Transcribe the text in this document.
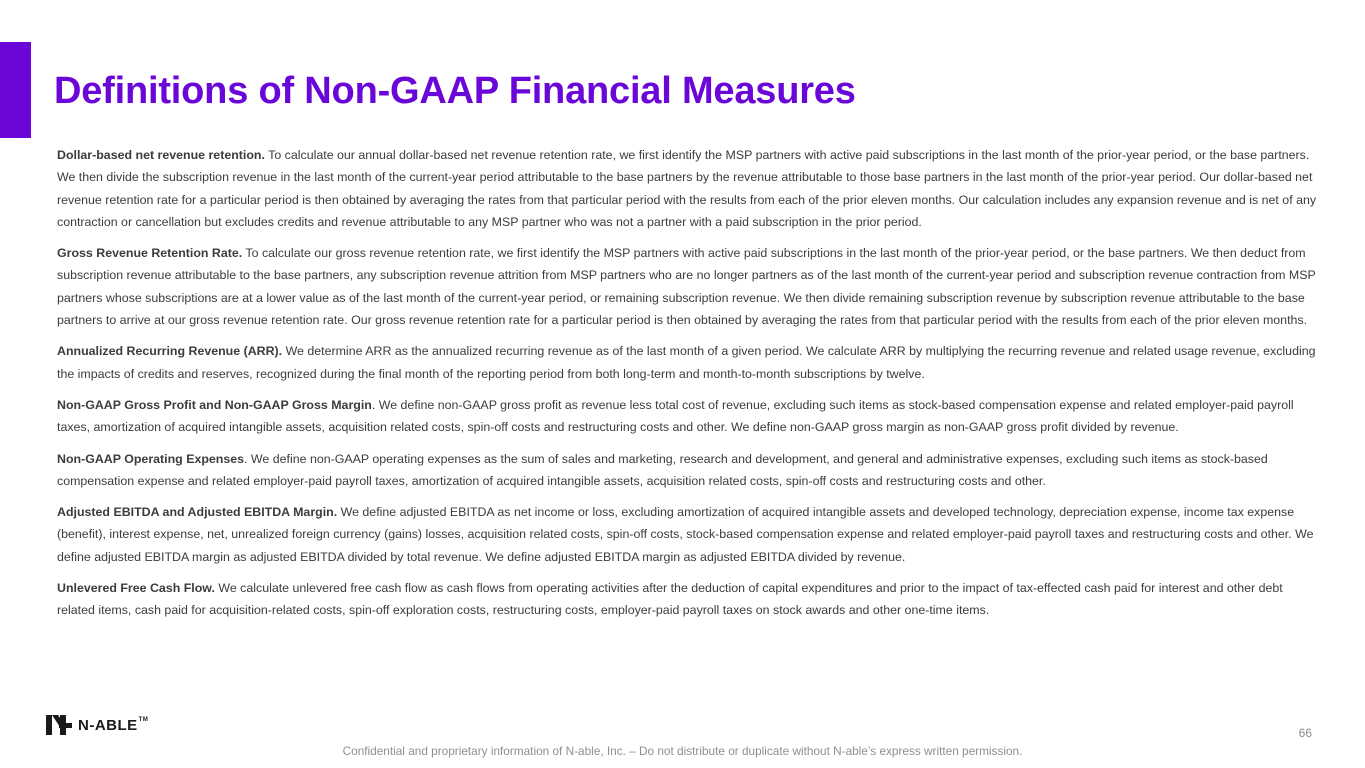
Definitions of Non-GAAP Financial Measures

Dollar-based net revenue retention. To calculate our annual dollar-based net revenue retention rate, we first identify the MSP partners with active paid subscriptions in the last month of the prior-year period, or the base partners. We then divide the subscription revenue in the last month of the current-year period attributable to the base partners by the revenue attributable to those base partners in the last month of the prior-year period. Our dollar-based net revenue retention rate for a particular period is then obtained by averaging the rates from that particular period with the results from each of the prior eleven months. Our calculation includes any expansion revenue and is net of any contraction or cancellation but excludes credits and revenue attributable to any MSP partner who was not a partner with a paid subscription in the prior period.

Gross Revenue Retention Rate. To calculate our gross revenue retention rate, we first identify the MSP partners with active paid subscriptions in the last month of the prior-year period, or the base partners. We then deduct from subscription revenue attributable to the base partners, any subscription revenue attrition from MSP partners who are no longer partners as of the last month of the current-year period and subscription revenue contraction from MSP partners whose subscriptions are at a lower value as of the last month of the current-year period, or remaining subscription revenue. We then divide remaining subscription revenue by subscription revenue attributable to the base partners to arrive at our gross revenue retention rate. Our gross revenue retention rate for a particular period is then obtained by averaging the rates from that particular period with the results from each of the prior eleven months.

Annualized Recurring Revenue (ARR). We determine ARR as the annualized recurring revenue as of the last month of a given period. We calculate ARR by multiplying the recurring revenue and related usage revenue, excluding the impacts of credits and reserves, recognized during the final month of the reporting period from both long-term and month-to-month subscriptions by twelve.

Non-GAAP Gross Profit and Non-GAAP Gross Margin. We define non-GAAP gross profit as revenue less total cost of revenue, excluding such items as stock-based compensation expense and related employer-paid payroll taxes, amortization of acquired intangible assets, acquisition related costs, spin-off costs and restructuring costs and other. We define non-GAAP gross margin as non-GAAP gross profit divided by revenue.

Non-GAAP Operating Expenses. We define non-GAAP operating expenses as the sum of sales and marketing, research and development, and general and administrative expenses, excluding such items as stock-based compensation expense and related employer-paid payroll taxes, amortization of acquired intangible assets, acquisition related costs, spin-off costs and restructuring costs and other.

Adjusted EBITDA and Adjusted EBITDA Margin. We define adjusted EBITDA as net income or loss, excluding amortization of acquired intangible assets and developed technology, depreciation expense, income tax expense (benefit), interest expense, net, unrealized foreign currency (gains) losses, acquisition related costs, spin-off costs, stock-based compensation expense and related employer-paid payroll taxes and restructuring costs and other. We define adjusted EBITDA margin as adjusted EBITDA divided by total revenue. We define adjusted EBITDA margin as adjusted EBITDA divided by revenue.

Unlevered Free Cash Flow. We calculate unlevered free cash flow as cash flows from operating activities after the deduction of capital expenditures and prior to the impact of tax-effected cash paid for interest and other debt related items, cash paid for acquisition-related costs, spin-off exploration costs, restructuring costs, employer-paid payroll taxes on stock awards and other one-time items.

N-ABLE™
66
Confidential and proprietary information of N-able, Inc. – Do not distribute or duplicate without N-able’s express written permission.
